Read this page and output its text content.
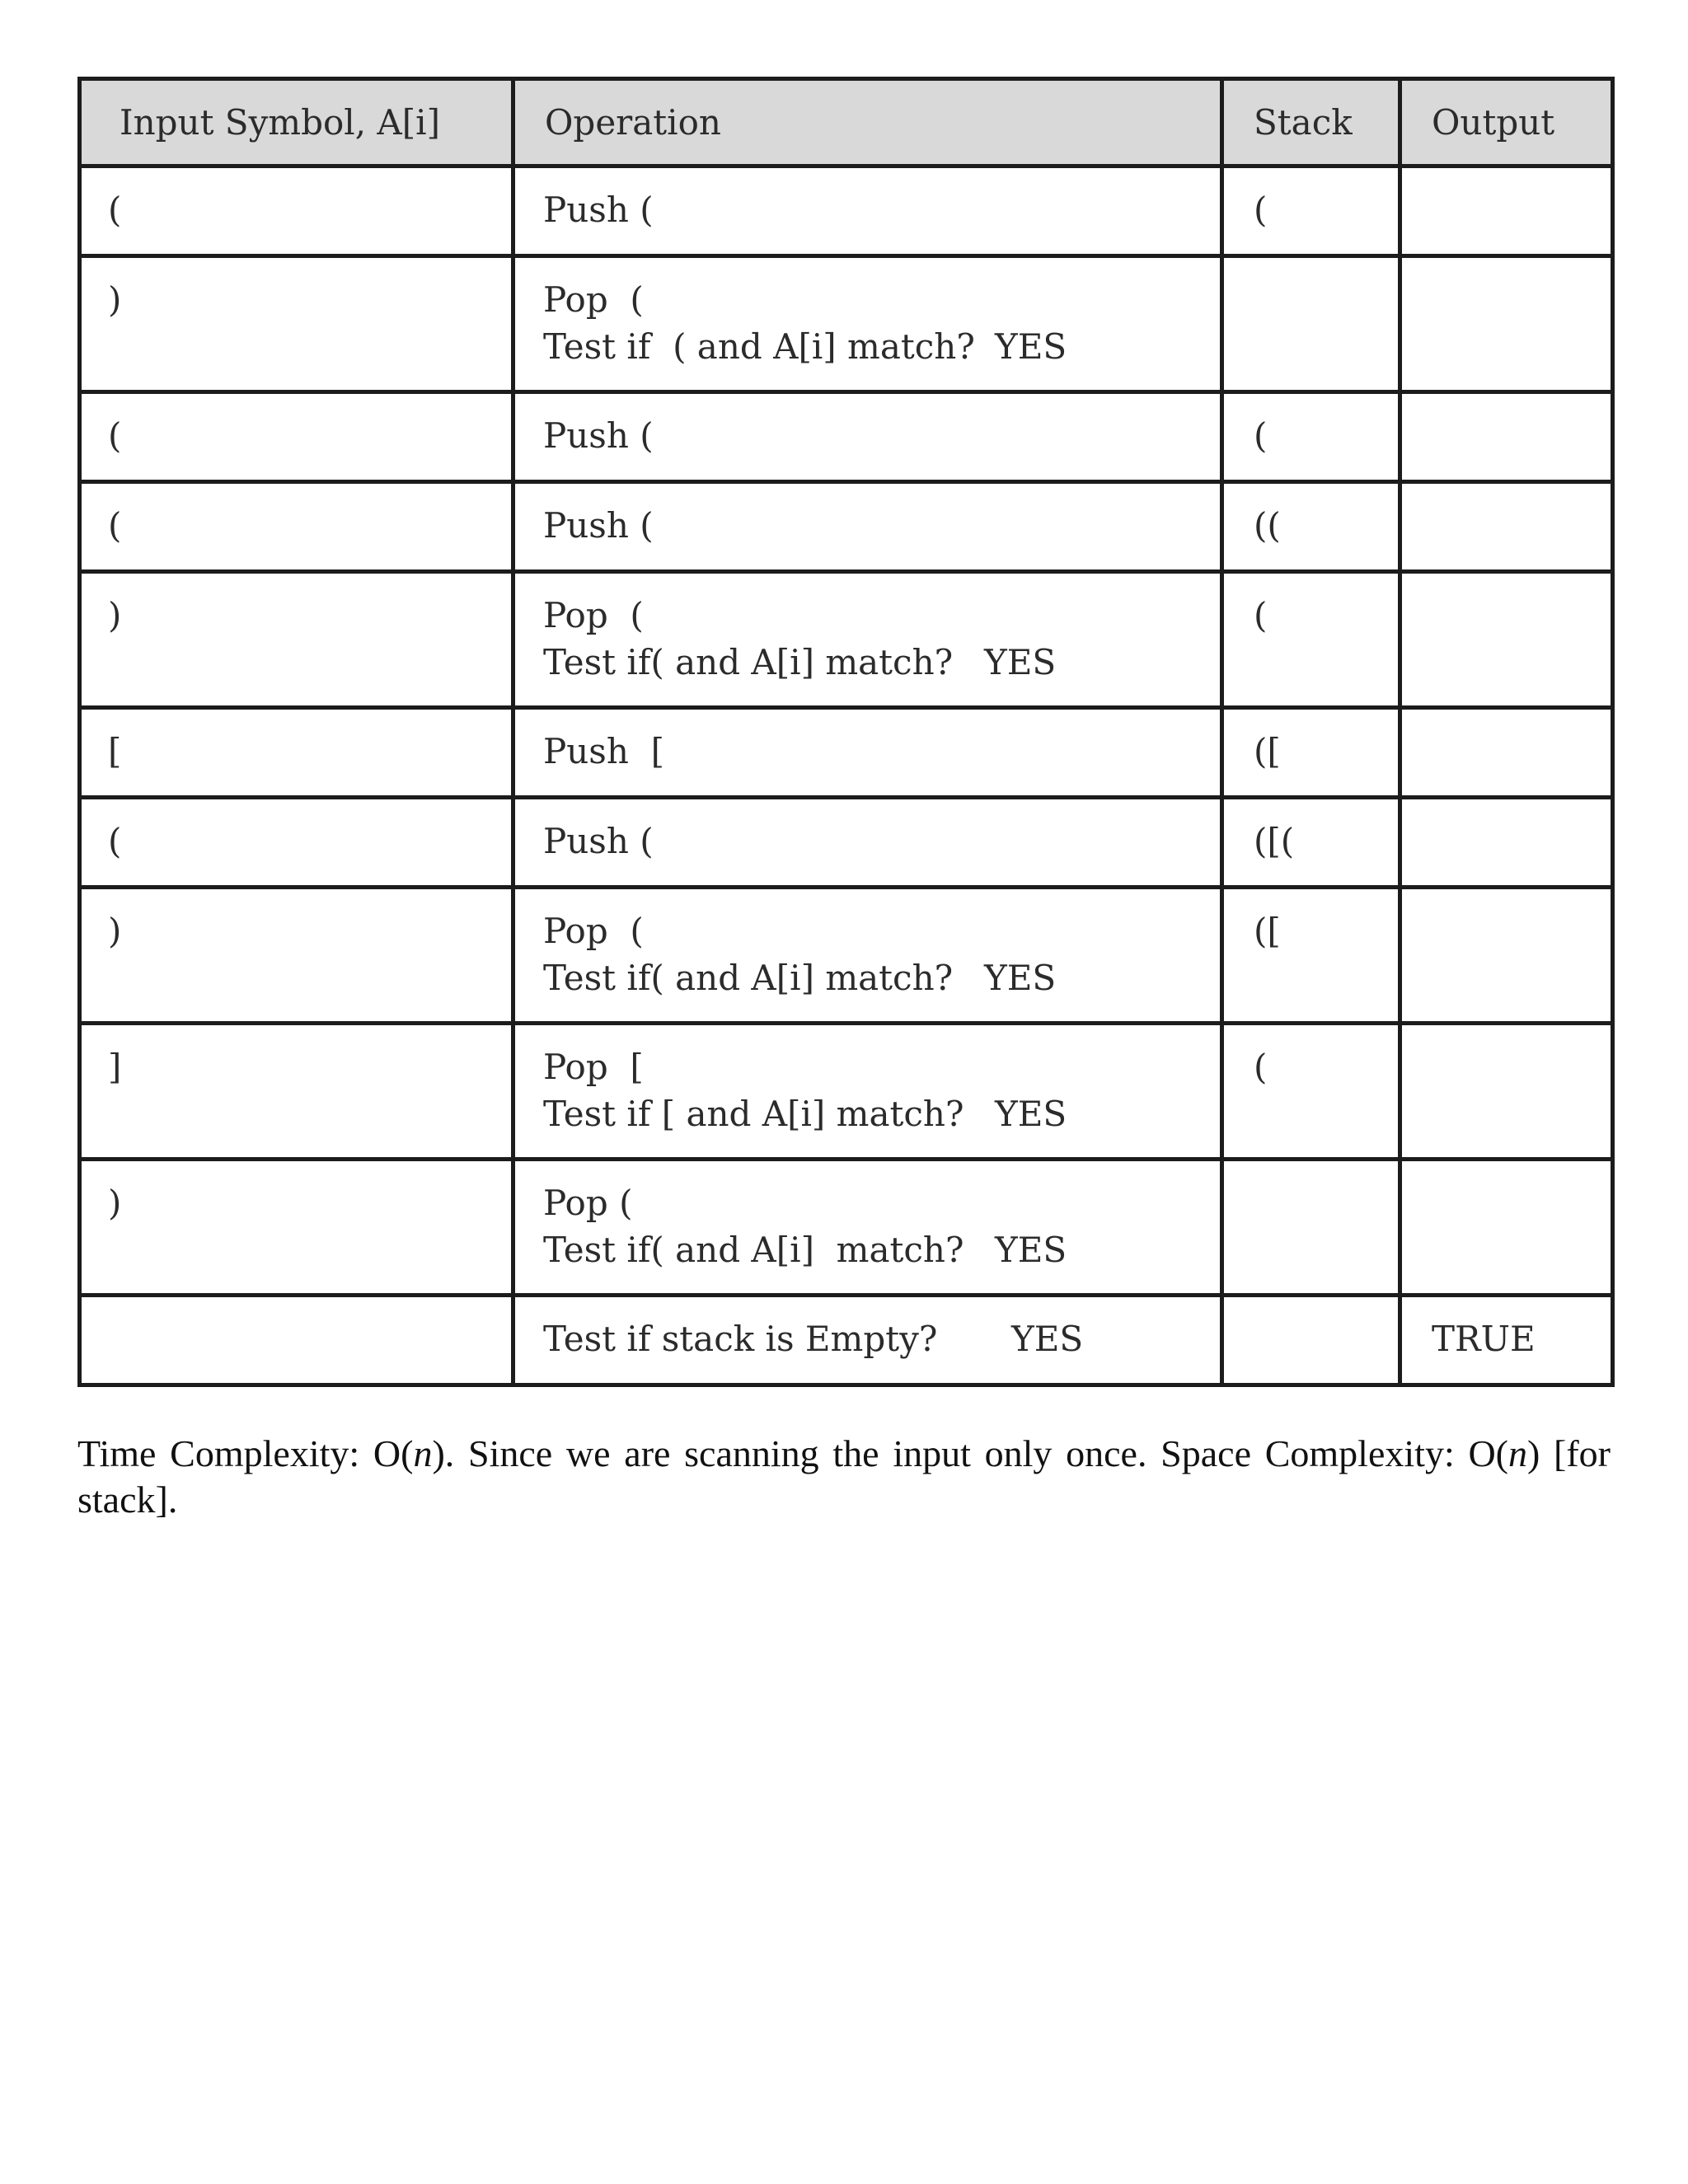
Input Symbol, A[i]	Operation	Stack	Output
(	Push (	(	
)	Pop  (
Test if  ( and A[i] match? YES		

(	Push (	(	
(	Push (	((	
)	Pop  (
Test if( and A[i] match? YES	(	
[	Push  [	([	
(	Push (	([(	
)	Pop  (
Test if( and A[i] match? YES	([	
]	Pop  [
Test if [ and A[i] match? YES	(	
)	Pop (
Test if( and A[i]  match? YES		

	Test if stack is Empty? YES		TRUE

Time Complexity: O(n). Since we are scanning the input only once. Space Complexity: O(n) [for stack].
